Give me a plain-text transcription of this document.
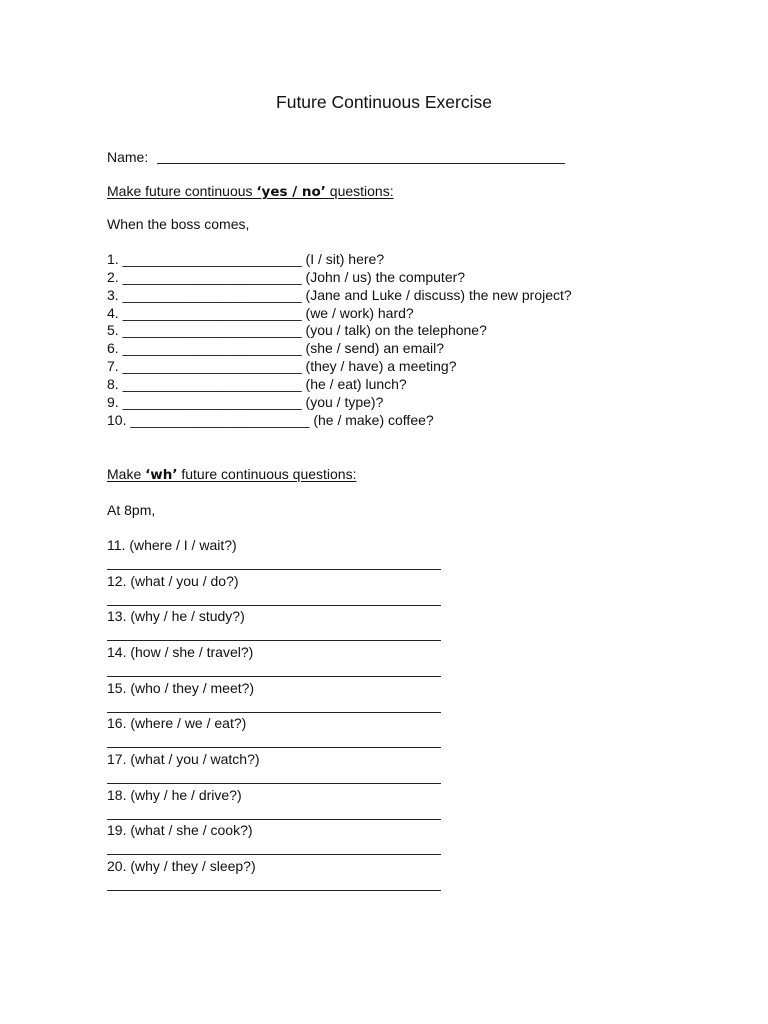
Future Continuous Exercise
Name:
Make future continuous ‘yes / no’ questions:
When the boss comes,
1. _______________________ (I / sit) here?
2. _______________________ (John / us) the computer?
3. _______________________ (Jane and Luke / discuss) the new project?
4. _______________________ (we / work) hard?
5. _______________________ (you / talk) on the telephone?
6. _______________________ (she / send) an email?
7. _______________________ (they / have) a meeting?
8. _______________________ (he / eat) lunch?
9. _______________________ (you / type)?
10. _______________________ (he / make) coffee?
Make ‘wh’ future continuous questions:
At 8pm,
11. (where / I / wait?)
12. (what / you / do?)
13. (why / he / study?)
14. (how / she / travel?)
15. (who / they / meet?)
16. (where / we / eat?)
17. (what / you / watch?)
18. (why / he / drive?)
19. (what / she / cook?)
20. (why / they / sleep?)
